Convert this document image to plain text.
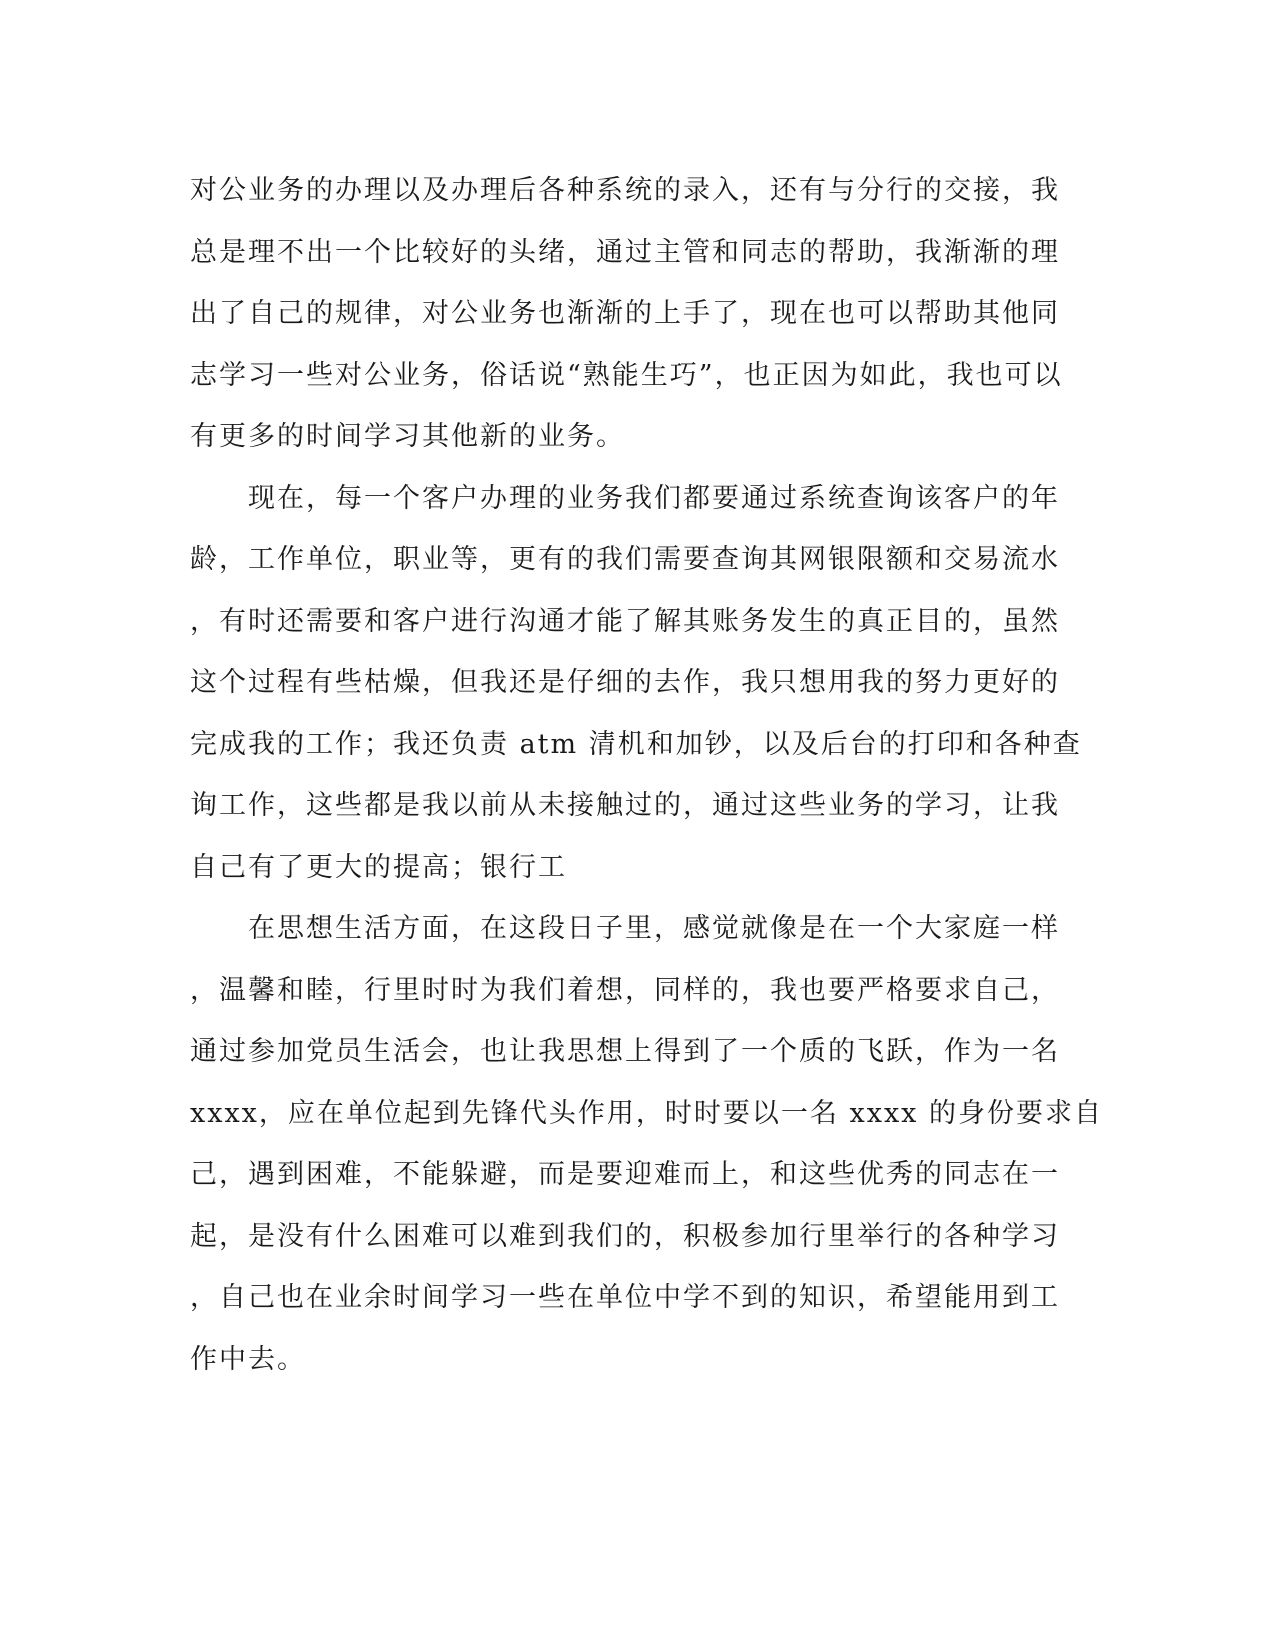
对公业务的办理以及办理后各种系统的录入，还有与分行的交接，我
总是理不出一个比较好的头绪，通过主管和同志的帮助，我渐渐的理
出了自己的规律，对公业务也渐渐的上手了，现在也可以帮助其他同
志学习一些对公业务，俗话说“熟能生巧”，也正因为如此，我也可以
有更多的时间学习其他新的业务。
　　现在，每一个客户办理的业务我们都要通过系统查询该客户的年
龄，工作单位，职业等，更有的我们需要查询其网银限额和交易流水
，有时还需要和客户进行沟通才能了解其账务发生的真正目的，虽然
这个过程有些枯燥，但我还是仔细的去作，我只想用我的努力更好的
完成我的工作；我还负责 atm 清机和加钞，以及后台的打印和各种查
询工作，这些都是我以前从未接触过的，通过这些业务的学习，让我
自己有了更大的提高；银行工
　　在思想生活方面，在这段日子里，感觉就像是在一个大家庭一样
，温馨和睦，行里时时为我们着想，同样的，我也要严格要求自己，
通过参加党员生活会，也让我思想上得到了一个质的飞跃，作为一名
xxxx，应在单位起到先锋代头作用，时时要以一名 xxxx 的身份要求自
己，遇到困难，不能躲避，而是要迎难而上，和这些优秀的同志在一
起，是没有什么困难可以难到我们的，积极参加行里举行的各种学习
，自己也在业余时间学习一些在单位中学不到的知识，希望能用到工
作中去。
